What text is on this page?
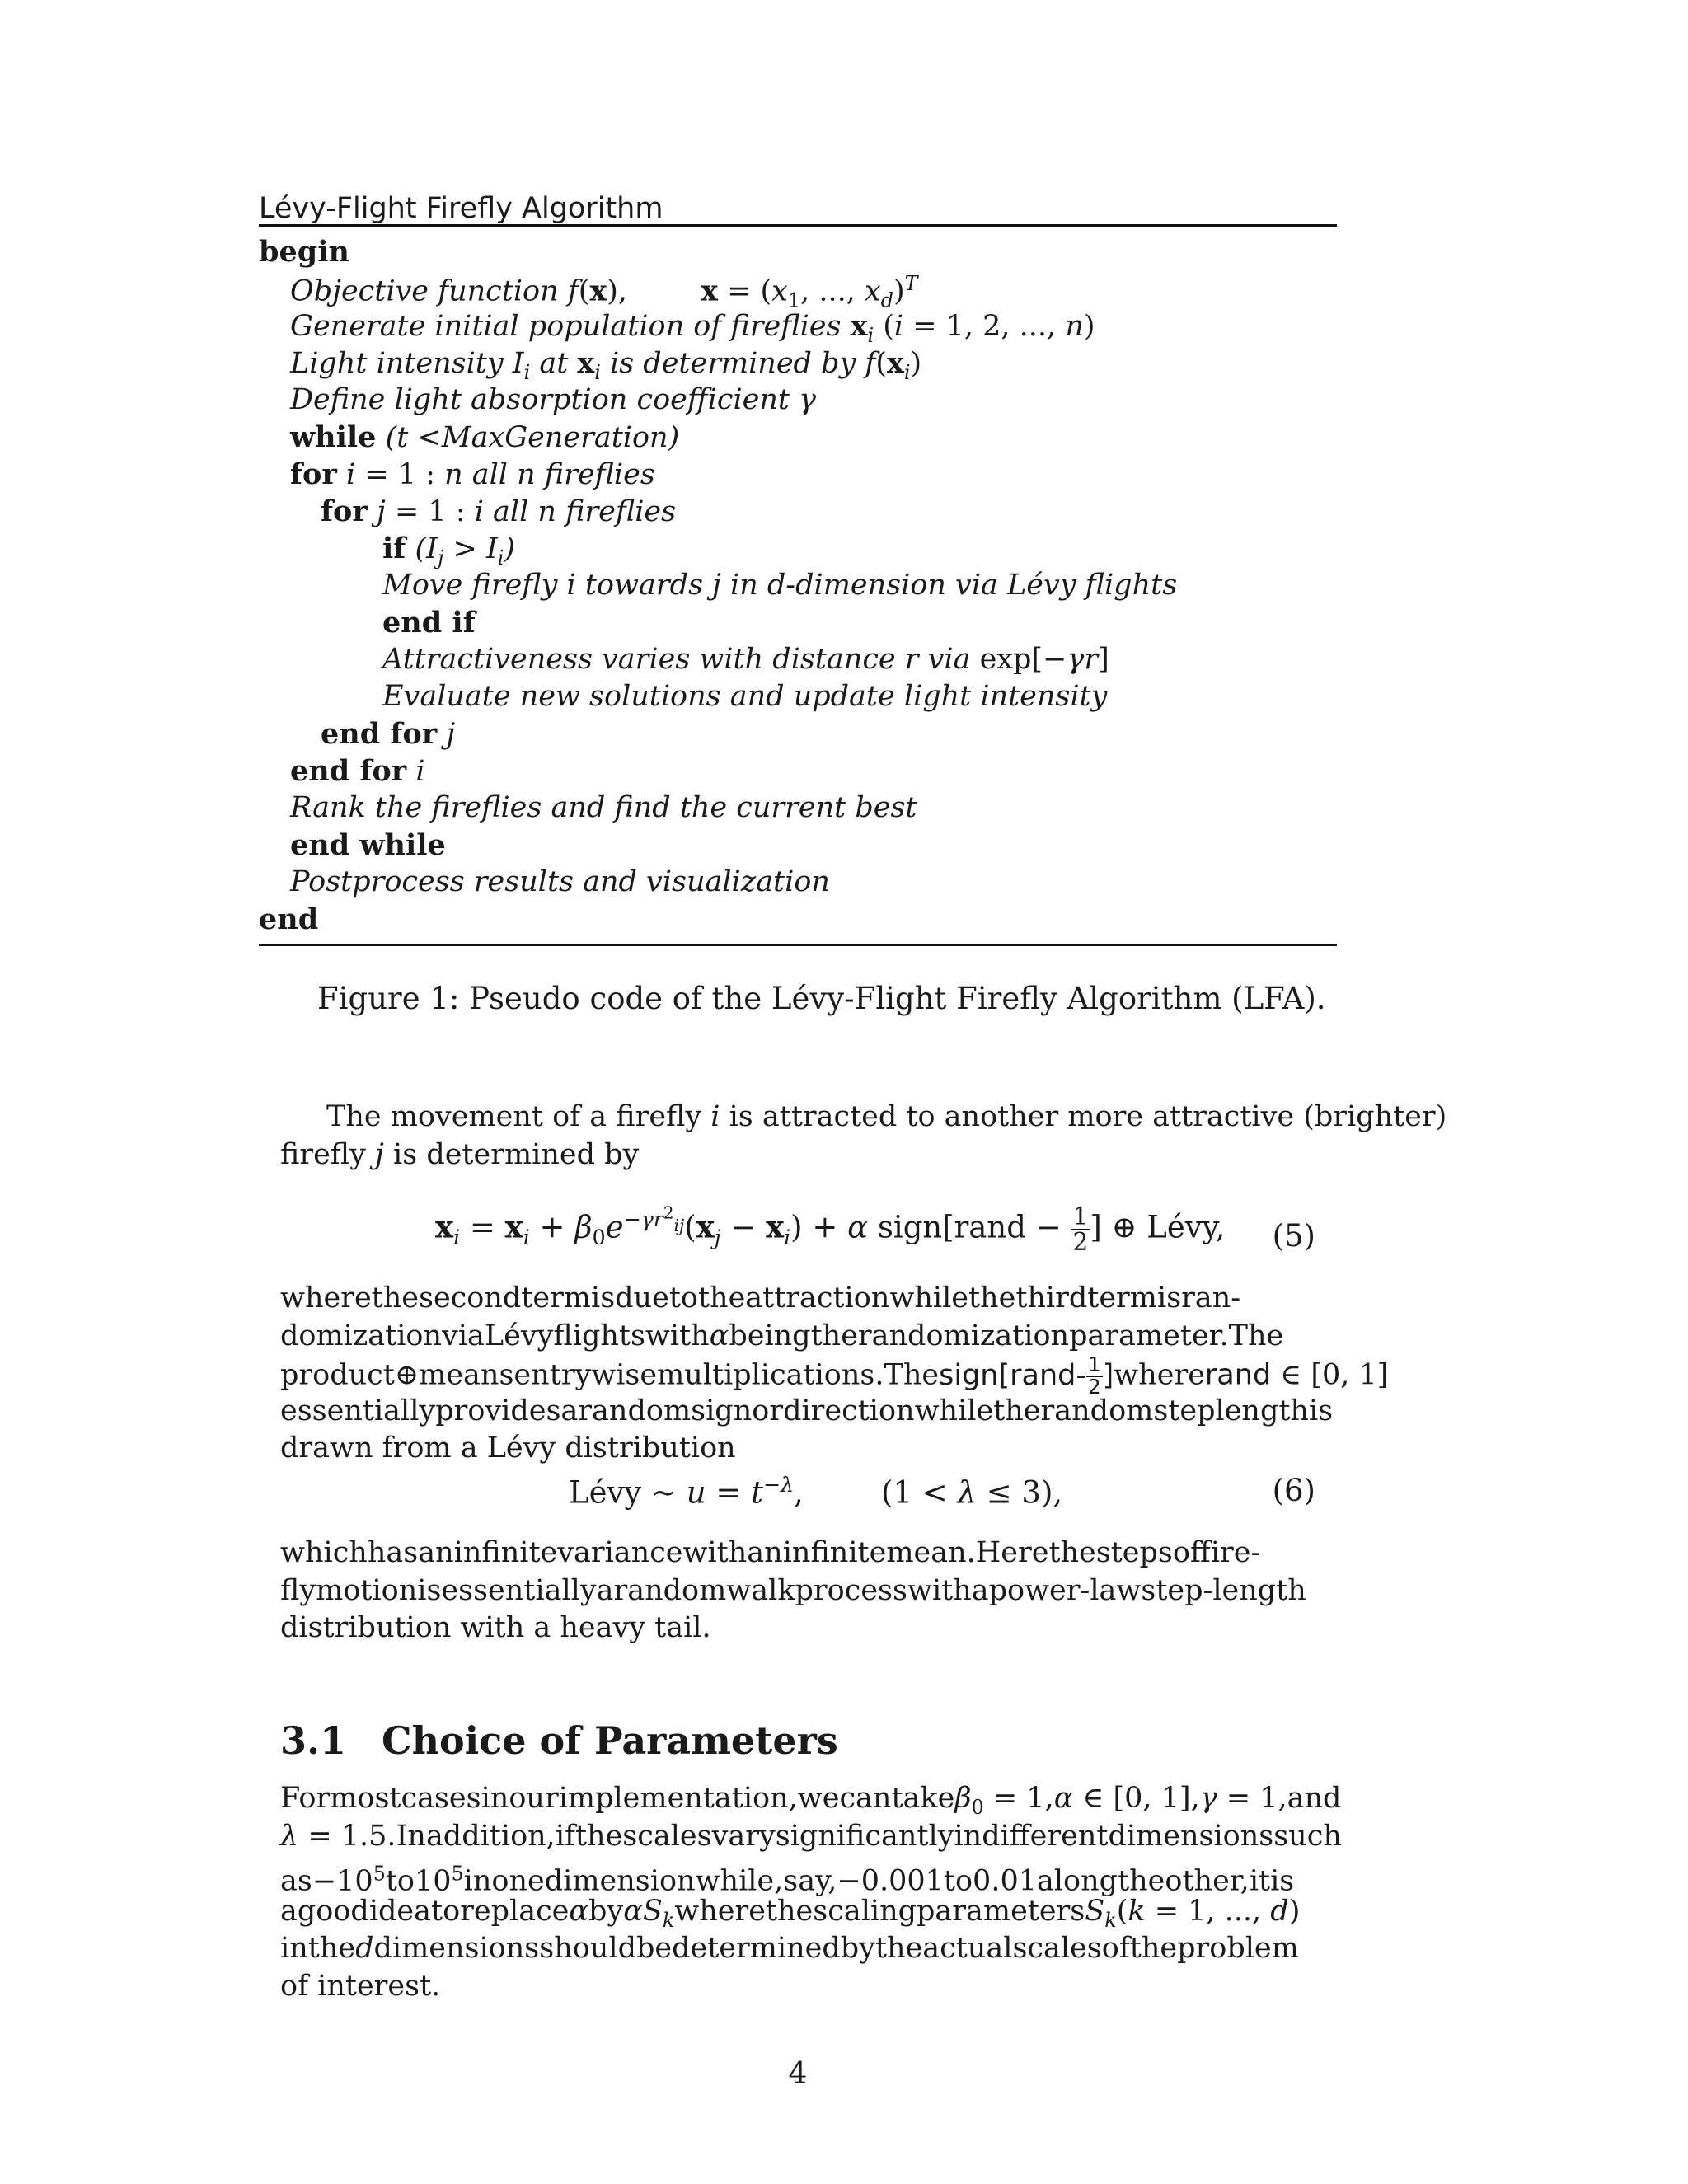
Lévy-Flight Firefly Algorithm
begin
Objective function f(x),        $x = (x_1$, ..., $x_d)^T$
Generate initial population of fireflies $x_i$ (i = 1, 2, ..., n)
Light intensity $I_i$ at $x_i$ is determined by $f(x_i)$
Define light absorption coefficient γ
while (t <MaxGeneration)
for i = 1 : n all n fireflies
for j = 1 : i all n fireflies
if $(I_j > I_i)$
Move firefly i towards j in d-dimension via Lévy flights
end if
Attractiveness varies with distance r via exp[−γr]
Evaluate new solutions and update light intensity
end for j
end for i
Rank the fireflies and find the current best
end while
Postprocess results and visualization
end
Figure 1: Pseudo code of the Lévy-Flight Firefly Algorithm (LFA).
The movement of a firefly i is attracted to another more attractive (brighter)
firefly j is determined by
$x_i = x_i + \beta_0e^{-\gamma r^2_{ij}}(x_j - x_i) + \alpha$ sign[rand − $\frac{1}{2}$ ] ⊕ Lévy, (5)
wherethesecondtermisduetotheattractionwhilethethirdtermisran-
domizationviaLévyflightswithαbeingtherandomizationparameter.The
product⊕meansentrywisemultiplications.Thesign[rand- $\frac{1}{2}$ ]whererand ∈ [0, 1]
essentiallyprovidesarandomsignordirectionwhiletherandomsteplengthis
drawn from a Lévy distribution
Lévy ∼ $u = t^{-\lambda}$,        (1 < λ ≤ 3),	(6)
whichhasaninfinitevariancewithaninfinitemean.Herethestepsoffire-
flymotionisessentiallyarandomwalkprocesswithapower-lawstep-length
distribution with a heavy tail.
3.1 Choice of Parameters
Formostcasesinourimplementation,wecantakeβ$_0$ = 1,α ∈ [0, 1],γ = 1,and
λ = 1.5.Inaddition,ifthescalesvarysignificantlyindifferentdimensionssuch
$as-10^5to10^5inonedimensionwhile,say,-0.001to0.01alongtheother,itis$
agoodideatoreplaceαbyαS$_k$wherethescalingparametersS$_k$(k = 1, ..., d)
intheddimensionsshouldbedeterminedbytheactualscalesoftheproblem
of interest.
4
